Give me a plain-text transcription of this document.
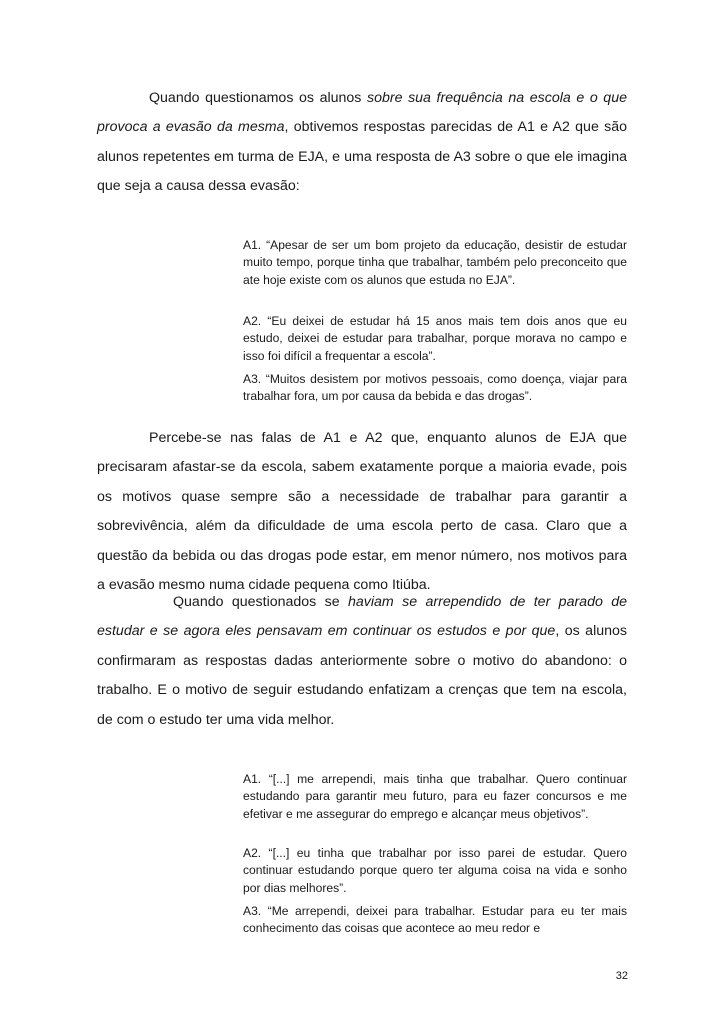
Quando questionamos os alunos sobre sua frequência na escola e o que provoca a evasão da mesma, obtivemos respostas parecidas de A1 e A2 que são alunos repetentes em turma de EJA, e uma resposta de A3 sobre o que ele imagina que seja a causa dessa evasão:

A1. “Apesar de ser um bom projeto da educação, desistir de estudar muito tempo, porque tinha que trabalhar, também pelo preconceito que ate hoje existe com os alunos que estuda no EJA”.

A2. “Eu deixei de estudar há 15 anos mais tem dois anos que eu estudo, deixei de estudar para trabalhar, porque morava no campo e isso foi difícil a frequentar a escola”.

A3. “Muitos desistem por motivos pessoais, como doença, viajar para trabalhar fora, um por causa da bebida e das drogas”.

Percebe-se nas falas de A1 e A2 que, enquanto alunos de EJA que precisaram afastar-se da escola, sabem exatamente porque a maioria evade, pois os motivos quase sempre são a necessidade de trabalhar para garantir a sobrevivência, além da dificuldade de uma escola perto de casa. Claro que a questão da bebida ou das drogas pode estar, em menor número, nos motivos para a evasão mesmo numa cidade pequena como Itiúba.

Quando questionados se haviam se arrependido de ter parado de estudar e se agora eles pensavam em continuar os estudos e por que, os alunos confirmaram as respostas dadas anteriormente sobre o motivo do abandono: o trabalho. E o motivo de seguir estudando enfatizam a crenças que tem na escola, de com o estudo ter uma vida melhor.

A1. “[...] me arrependi, mais tinha que trabalhar. Quero continuar estudando para garantir meu futuro, para eu fazer concursos e me efetivar e me assegurar do emprego e alcançar meus objetivos”.

A2. “[...] eu tinha que trabalhar por isso parei de estudar. Quero continuar estudando porque quero ter alguma coisa na vida e sonho por dias melhores”.

A3. “Me arrependi, deixei para trabalhar. Estudar para eu ter mais conhecimento das coisas que acontece ao meu redor e

32
